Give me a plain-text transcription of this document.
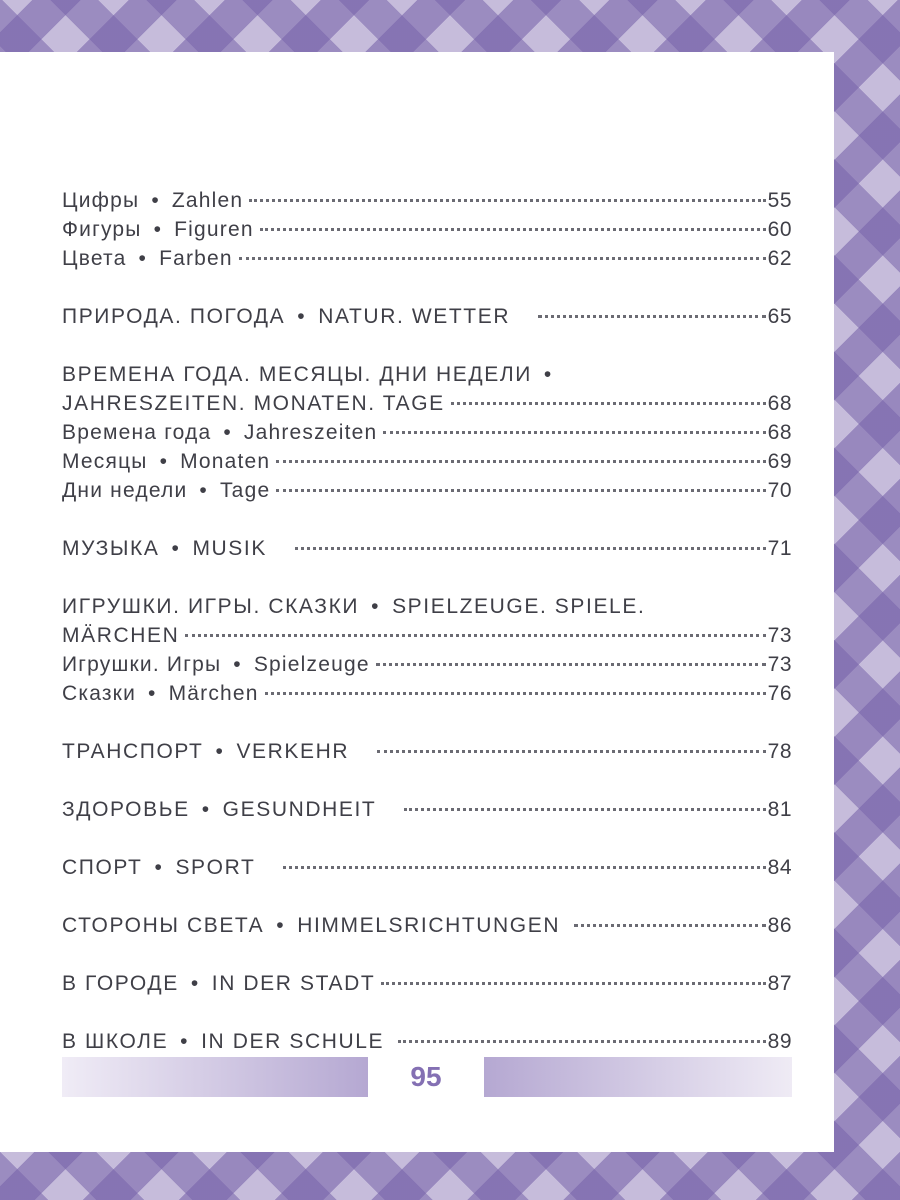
Цифры • Zahlen	55
Фигуры • Figuren	60
Цвета • Farben	62
ПРИРОДА. ПОГОДА • NATUR. WETTER	65
ВРЕМЕНА ГОДА. МЕСЯЦЫ. ДНИ НЕДЕЛИ •
JAHRESZEITEN. MONATEN. TAGE	68
Времена года • Jahreszeiten	68
Месяцы • Monaten	69
Дни недели • Tage	70
МУЗЫКА • MUSIK	71
ИГРУШКИ. ИГРЫ. СКАЗКИ • SPIELZEUGE. SPIELE.
MÄRCHEN	73
Игрушки. Игры • Spielzeuge	73
Сказки • Märchen	76
ТРАНСПОРТ • VERKEHR	78
ЗДОРОВЬЕ • GESUNDHEIT	81
СПОРТ • SPORT	84
СТОРОНЫ СВЕТА • HIMMELSRICHTUNGEN	86
В ГОРОДЕ • IN DER STADT	87
В ШКОЛЕ • IN DER SCHULE	89
95
